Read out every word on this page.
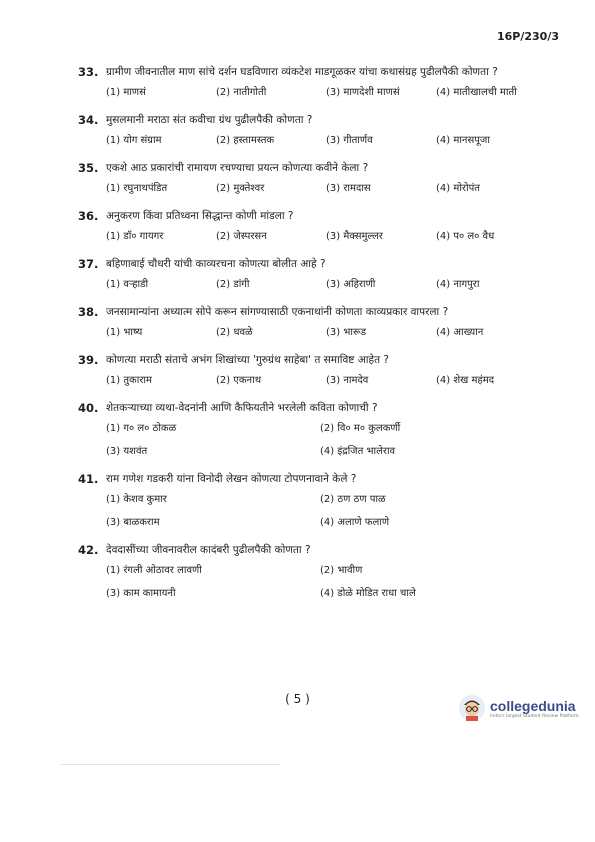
16P/230/3
33. ग्रामीण जीवनातील माण सांचे दर्शन घडविणारा व्यंकटेश माडगूळकर यांचा कथासंग्रह पुढीलपैकी कोणता ?
(1) माणसं	(2) नातीगोती	(3) माणदेशी माणसं	(4) मातीखालची माती
34. मुसलमानी मराठा संत कवीचा ग्रंथ पुढीलपैकी कोणता ?
(1) योग संग्राम	(2) हस्तामस्तक	(3) गीतार्णव	(4) मानसपूजा
35. एकशे आठ प्रकारांची रामायण रचण्याचा प्रयत्न कोणत्या कवीने केला ?
(1) रघुनाथपंडित	(2) मुक्तेश्वर	(3) रामदास	(4) मोरोपंत
36. अनुकरण किंवा प्रतिध्वना सिद्धान्त कोणी मांडला ?
(1) डॉ० गायगर	(2) जेस्परसन	(3) मैक्समुल्लर	(4) प० ल० वैध
37. बहिणाबाई चौधरी यांची काव्यरचना कोणत्या बोलीत आहे ?
(1) वऱ्हाडी	(2) डांगी	(3) अहिराणी	(4) नागपुरा
38. जनसामान्यांना अध्यात्म सोपे करून सांगण्यासाठी एकनाथांनी कोणता काव्यप्रकार वापरला ?
(1) भाष्य	(2) धवळे	(3) भारूड	(4) आख्यान
39. कोणत्या मराठी संताचे अभंग शिखांच्या 'गुरुग्रंथ साहेबा' त समाविष्ट आहेत ?
(1) तुकाराम	(2) एकनाथ	(3) नामदेव	(4) शेख महंमद
40. शेतकऱ्याच्या व्यथा-वेदनांनी आणि कैफियतीने भरलेली कविता कोणाची ?
(1) ग० ल० ठोकळ	(2) वि० म० कुलकर्णी
(3) यशवंत	(4) इंद्रजित भालेराव
41. राम गणेश गडकरी यांना विनोदी लेखन कोणत्या टोपणनावाने केले ?
(1) केशव कुमार	(2) ठण ठण पाळ
(3) बाळकराम	(4) अलाणे फलाणे
42. देवदासींच्या जीवनावरील कादंबरी पुढीलपैकी कोणता ?
(1) रंगली ओठावर लावणी	(2) भावीण
(3) काम कामायनी	(4) डोळे मोडित राधा चाले
( 5 )	collegedunia
India's largest Student Review Platform
